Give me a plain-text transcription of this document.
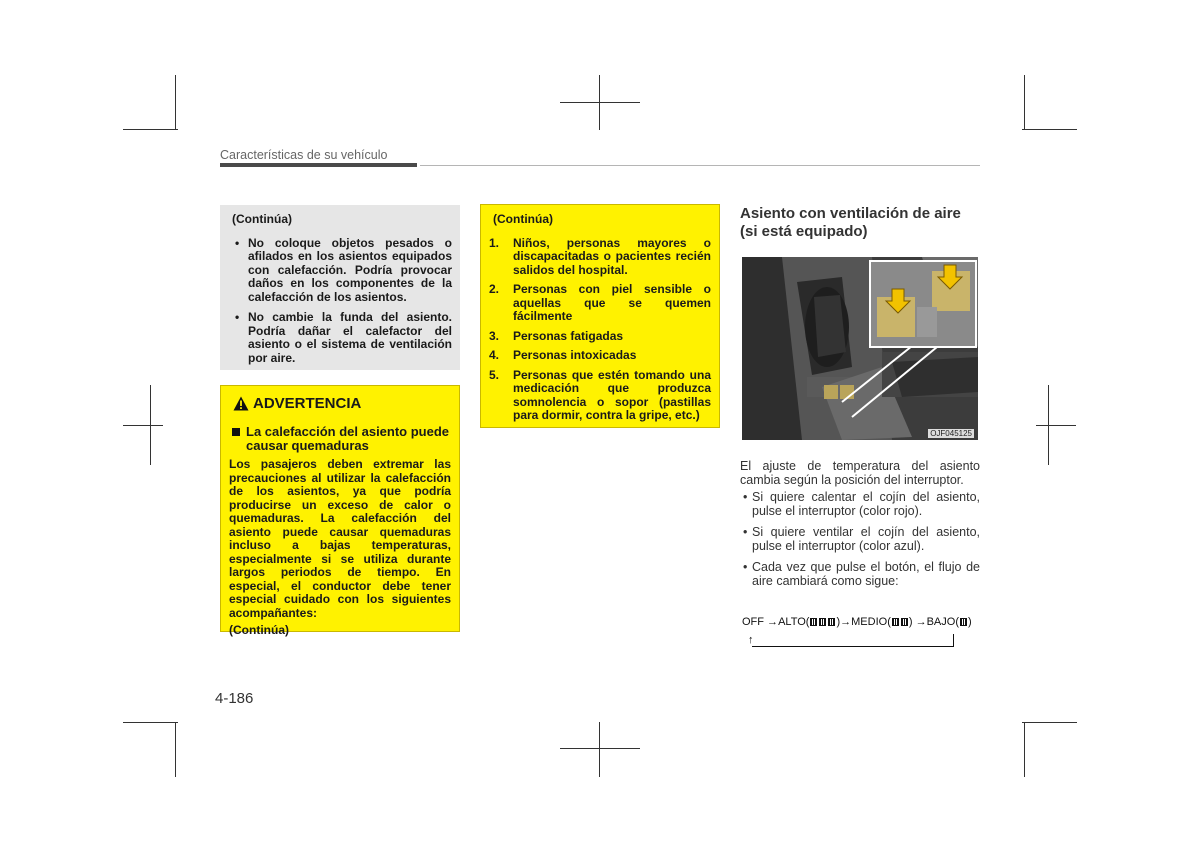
Características de su vehículo
(Continúa)
• No coloque objetos pesados o afilados en los asientos equipados con calefacción. Podría provocar daños en los componentes de la calefacción de los asientos.
• No cambie la funda del asiento. Podría dañar el calefactor del asiento o el sistema de ventilación por aire.
ADVERTENCIA
La calefacción del asiento puede causar quemaduras

Los pasajeros deben extremar las precauciones al utilizar la calefacción de los asientos, ya que podría producirse un exceso de calor o quemaduras. La calefacción del asiento puede causar quemaduras incluso a bajas temperaturas, especialmente si se utiliza durante largos periodos de tiempo. En especial, el conductor debe tener especial cuidado con los siguientes acompañantes:

(Continúa)
(Continúa)
1. Niños, personas mayores o discapacitadas o pacientes recién salidos del hospital.
2. Personas con piel sensible o aquellas que se quemen fácilmente
3. Personas fatigadas
4. Personas intoxicadas
5. Personas que estén tomando una medicación que produzca somnolencia o sopor (pastillas para dormir, contra la gripe, etc.)
Asiento con ventilación de aire
(si está equipado)
OJF045125

El ajuste de temperatura del asiento cambia según la posición del interruptor.

• Si quiere calentar el cojín del asiento, pulse el interruptor (color rojo).
• Si quiere ventilar el cojín del asiento, pulse el interruptor (color azul).
• Cada vez que pulse el botón, el flujo de aire cambiará como sigue:
OFF → ALTO ( ) → MEDIO ( ) → BAJO ( )
↑
4-186
